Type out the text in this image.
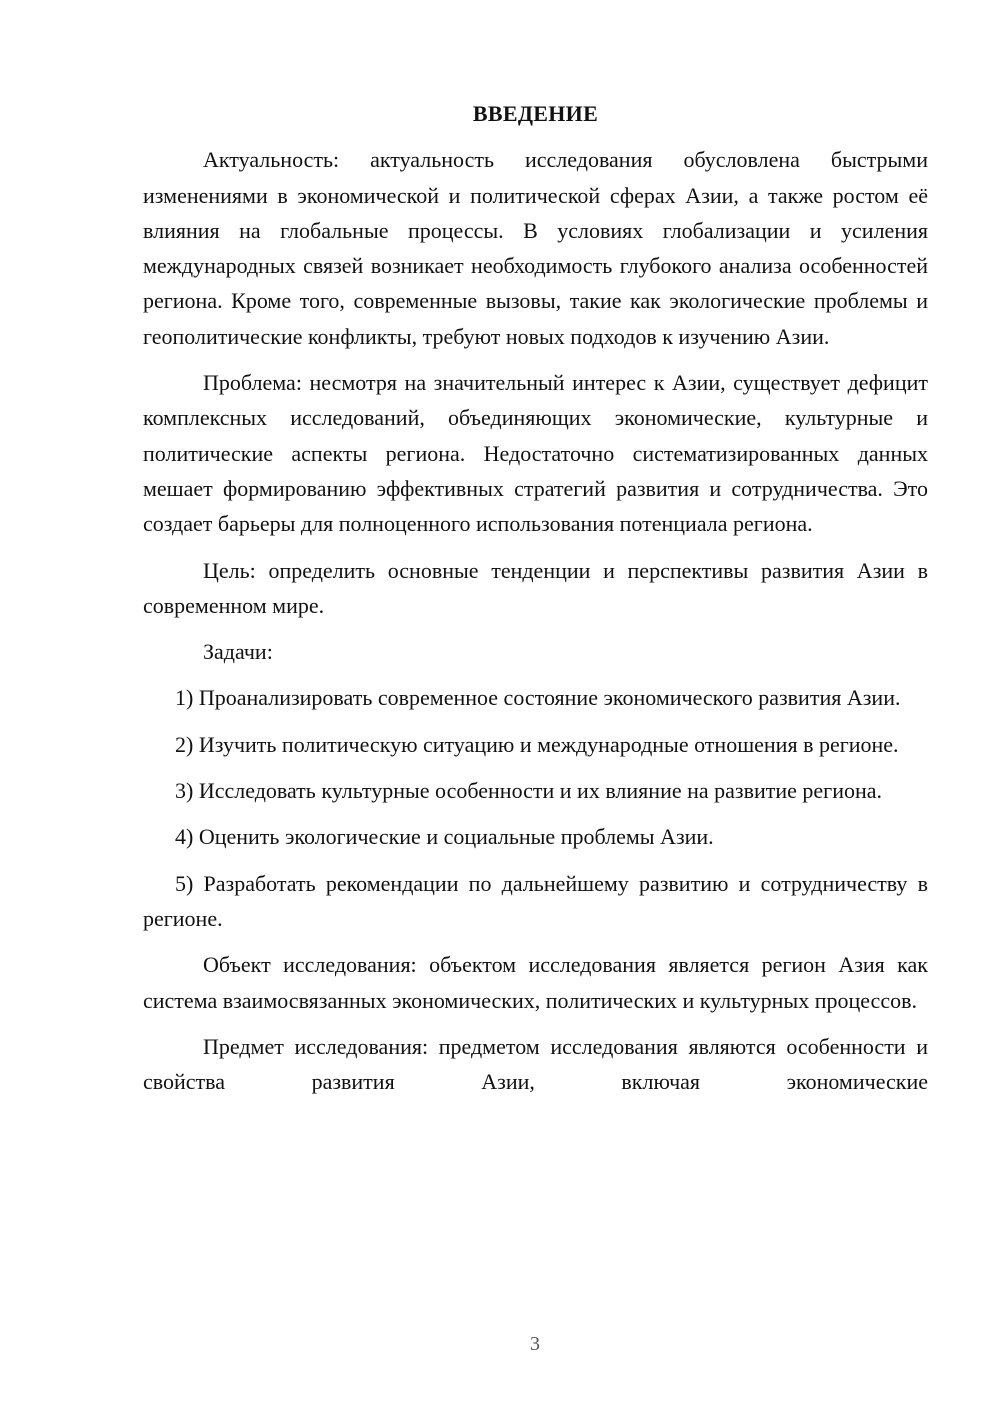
ВВЕДЕНИЕ

Актуальность: актуальность исследования обусловлена быстрыми изменениями в экономической и политической сферах Азии, а также ростом её влияния на глобальные процессы. В условиях глобализации и усиления международных связей возникает необходимость глубокого анализа особенностей региона. Кроме того, современные вызовы, такие как экологические проблемы и геополитические конфликты, требуют новых подходов к изучению Азии.

Проблема: несмотря на значительный интерес к Азии, существует дефицит комплексных исследований, объединяющих экономические, культурные и политические аспекты региона. Недостаточно систематизированных данных мешает формированию эффективных стратегий развития и сотрудничества. Это создает барьеры для полноценного использования потенциала региона.

Цель: определить основные тенденции и перспективы развития Азии в современном мире.

Задачи:

1) Проанализировать современное состояние экономического развития Азии.

2) Изучить политическую ситуацию и международные отношения в регионе.

3) Исследовать культурные особенности и их влияние на развитие региона.

4) Оценить экологические и социальные проблемы Азии.

5) Разработать рекомендации по дальнейшему развитию и сотрудничеству в регионе.

Объект исследования: объектом исследования является регион Азия как система взаимосвязанных экономических, политических и культурных процессов.

Предмет исследования: предметом исследования являются особенности и свойства развития Азии, включая экономические

3
